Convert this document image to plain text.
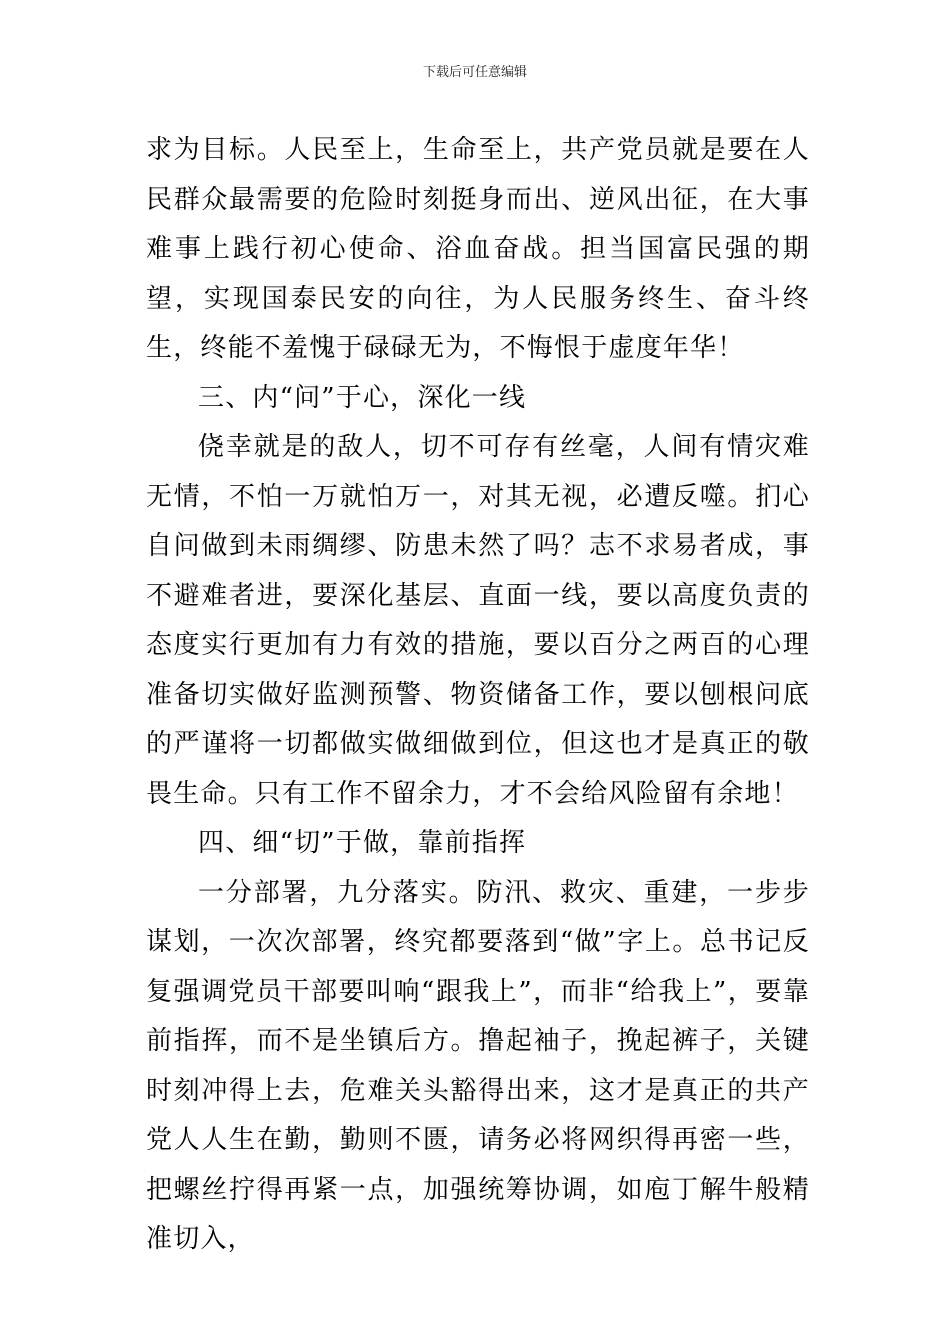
下载后可任意编辑

求为目标。人民至上，生命至上，共产党员就是要在人民群众最需要的危险时刻挺身而出、逆风出征，在大事难事上践行初心使命、浴血奋战。担当国富民强的期望，实现国泰民安的向往，为人民服务终生、奋斗终生，终能不羞愧于碌碌无为，不悔恨于虚度年华！

三、内“问”于心，深化一线

侥幸就是的敌人，切不可存有丝毫，人间有情灾难无情，不怕一万就怕万一，对其无视，必遭反噬。扪心自问做到未雨绸缪、防患未然了吗？志不求易者成，事不避难者进，要深化基层、直面一线，要以高度负责的态度实行更加有力有效的措施，要以百分之两百的心理准备切实做好监测预警、物资储备工作，要以刨根问底的严谨将一切都做实做细做到位，但这也才是真正的敬畏生命。只有工作不留余力，才不会给风险留有余地！

四、细“切”于做，靠前指挥

一分部署，九分落实。防汛、救灾、重建，一步步谋划，一次次部署，终究都要落到“做”字上。总书记反复强调党员干部要叫响“跟我上”，而非“给我上”，要靠前指挥，而不是坐镇后方。撸起袖子，挽起裤子，关键时刻冲得上去，危难关头豁得出来，这才是真正的共产党人人生在勤，勤则不匮，请务必将网织得再密一些，把螺丝拧得再紧一点，加强统筹协调，如庖丁解牛般精准切入，
